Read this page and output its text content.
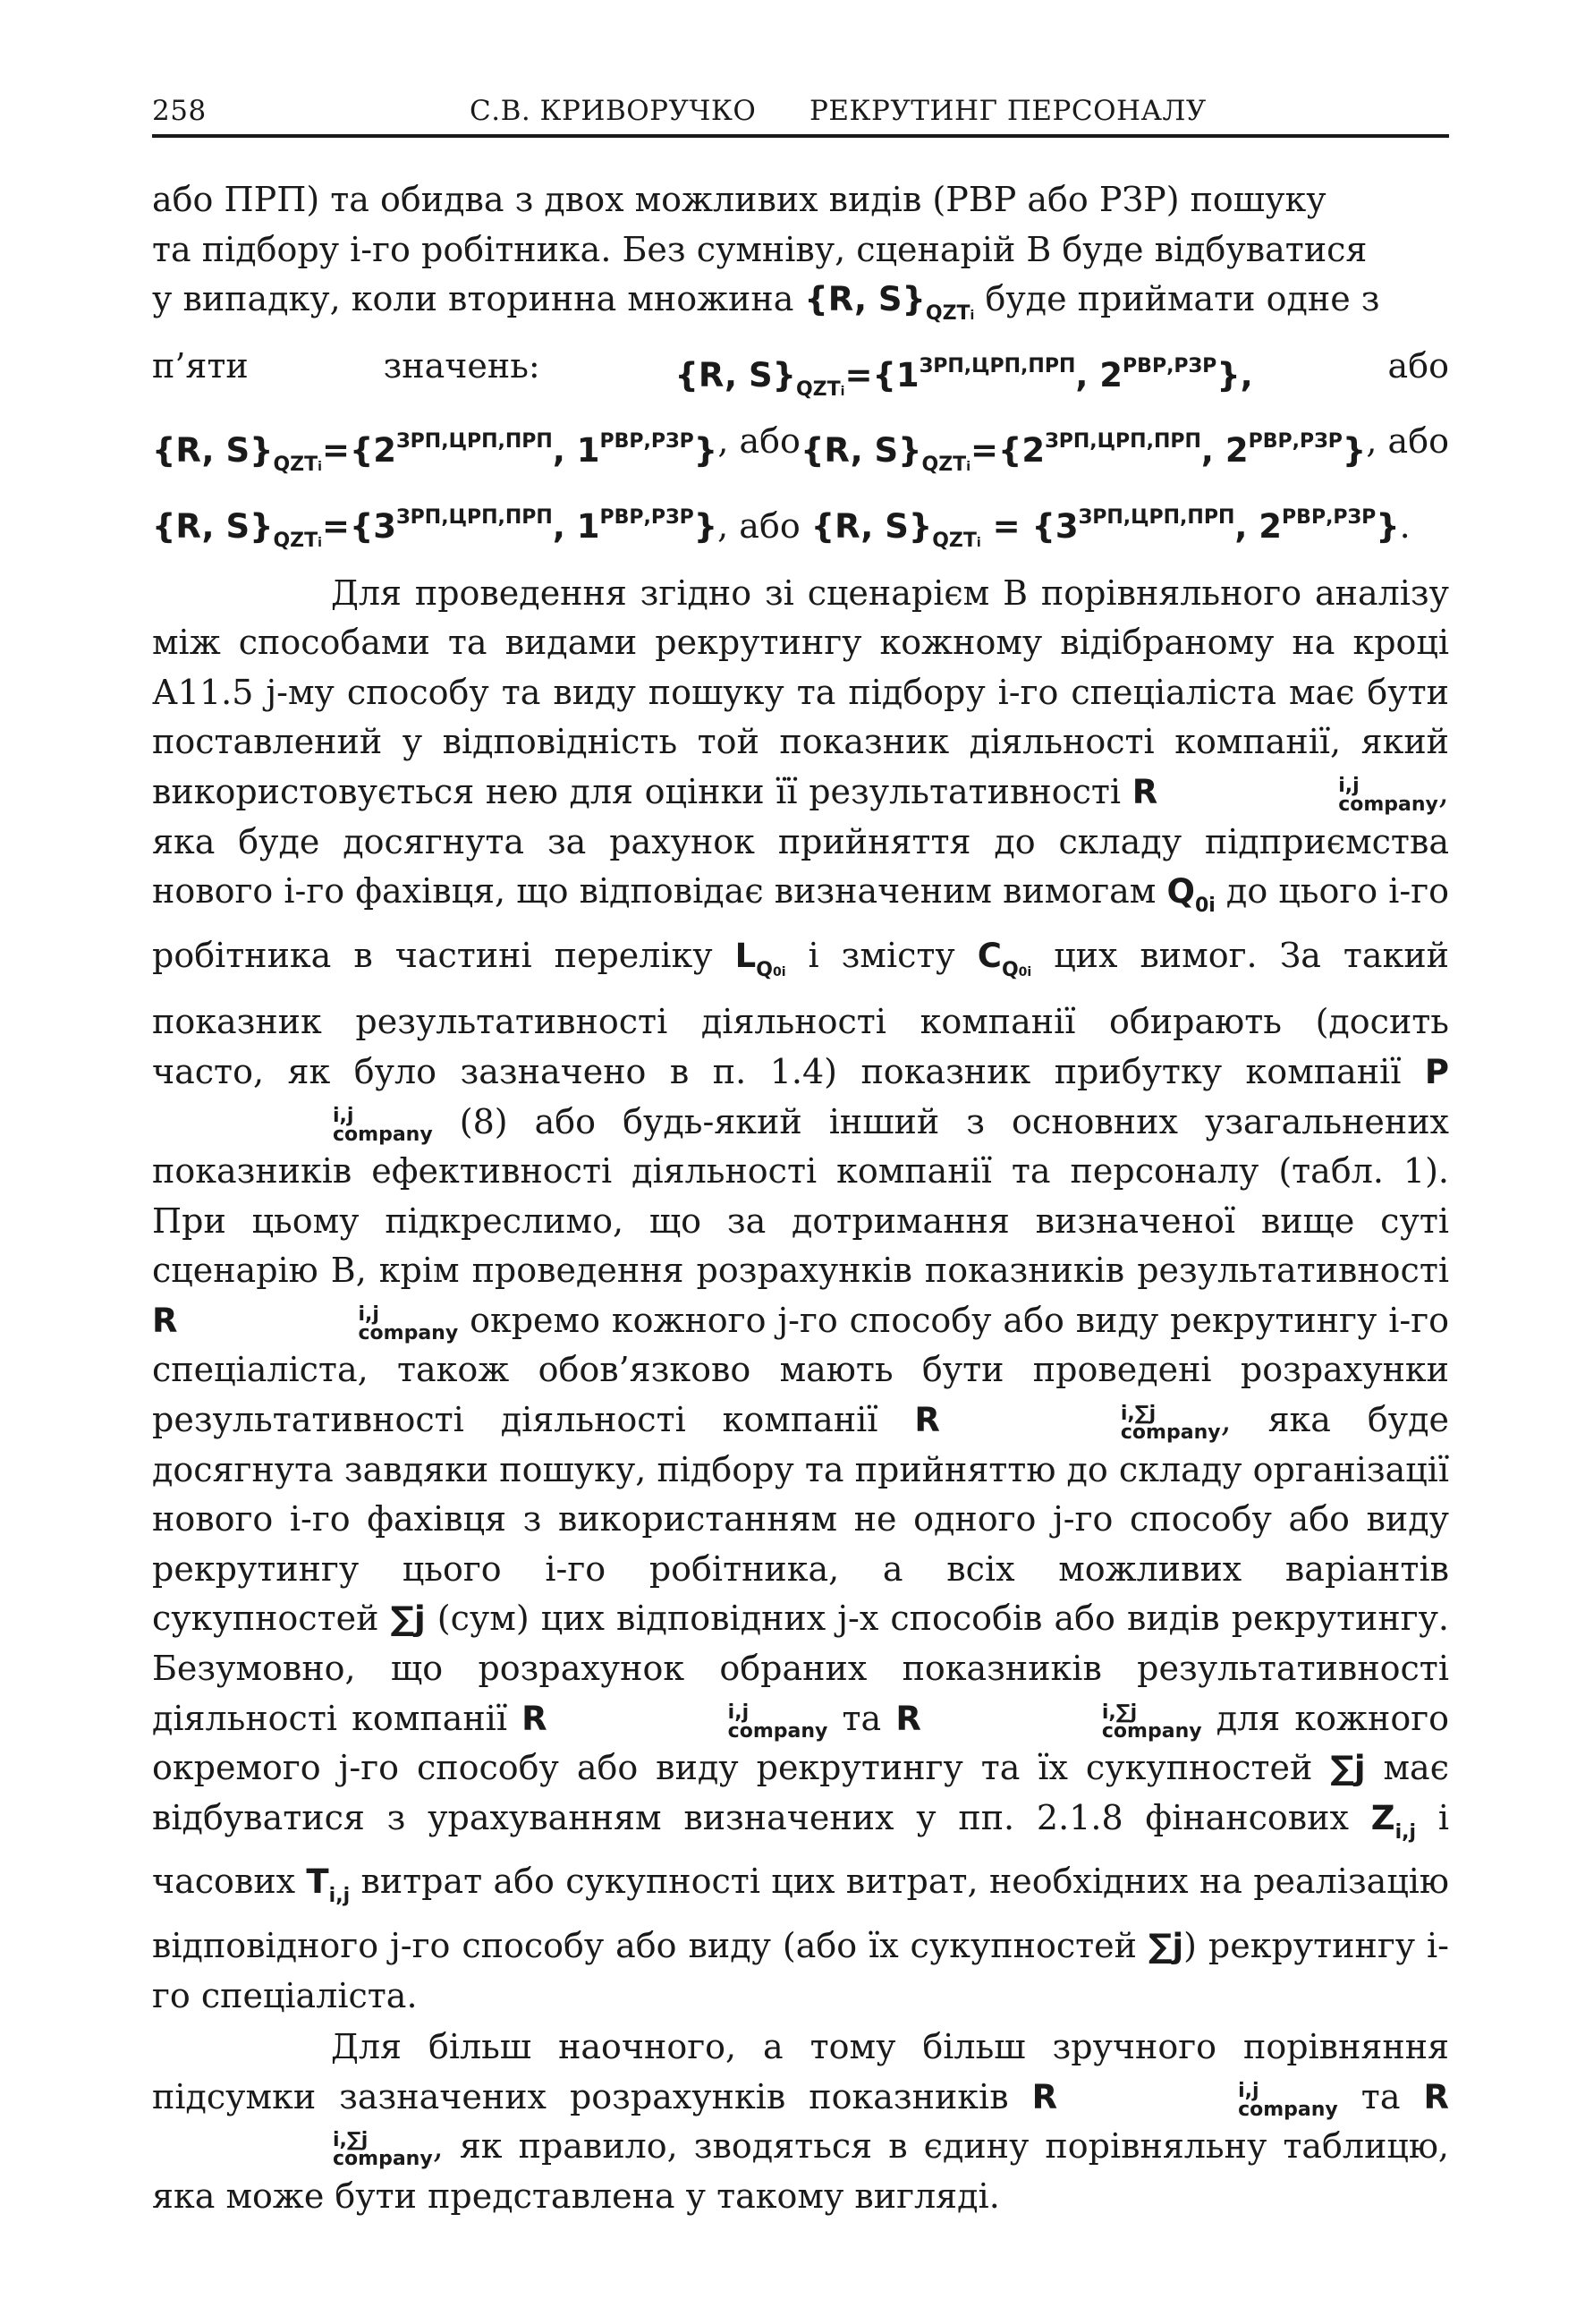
258	С.В. КРИВОРУЧКО РЕКРУТИНГ ПЕРСОНАЛУ

або ПРП) та обидва з двох можливих видів (РВР або РЗР) пошуку

та підбору і-го робітника. Без сумніву, сценарій В буде відбуватися
у випадку, коли вторинна множина {R, $S\}_{QZTi}$ буде приймати одне з
п’яти	значень:	{R, $S\}_{QZTi}=\{1^{ЗРП,ЦРП,ПРП}$, $2^{РВР,РЗР}$},	або
{R, $S\}_{QZTi}=\{2^{ЗРП,ЦРП,ПРП}$, $1^{РВР,РЗР}$} , або {R, $S\}_{QZTi}=\{2^{ЗРП,ЦРП,ПРП}$, $2^{РВР,РЗР}$} , або
{R, $S\}_{QZTi}=\{3^{ЗРП,ЦРП,ПРП}$, $1^{РВР,РЗР}$}, або {R, $S\}_{QZTi} = \{3^{ЗРП,ЦРП,ПРП}$, $2^{РВР,РЗР}$}.

Для проведення згідно зі сценарієм В порівняльного аналізу між способами та видами рекрутингу кожному відібраному на кроці А11.5 j-му способу та виду пошуку та підбору і-го спеціаліста має бути поставлений у відповідність той показник діяльності компанії, який використовується нею для оцінки її результативності R	i,j
company , яка буде досягнута за рахунок прийняття до складу підприємства нового і-го фахівця, що відповідає визначеним вимогам $Q_{0i}$ до цього і-го робітника в частині переліку $L_{Q0i}$ і змісту $C_{Q0i}$ цих вимог. За такий показник результативності діяльності компанії обирають (досить часто, як було зазначено в п. 1.4) показник прибутку компанії P
i,j
company (8) або будь-який інший з основних узагальнених показників ефективності діяльності компанії та персоналу (табл. 1). При цьому підкреслимо, що за дотримання визначеної вище суті сценарію В, крім проведення розрахунків показників результативності R	i,j
company окремо кожного j-го способу або виду рекрутингу і-го спеціаліста, також обов’язково мають бути проведені розрахунки результативності діяльності компанії R	i,∑j
company , яка буде досягнута завдяки пошуку, підбору та прийняттю до складу організації нового і-го фахівця з використанням не одного j-го способу або виду рекрутингу цього і-го робітника, а всіх можливих варіантів сукупностей ∑j (сум) цих відповідних j-х способів або видів рекрутингу. Безумовно, що розрахунок обраних показників результативності діяльності компанії R	i,j
company та R	i,∑j
company для кожного окремого j-го способу або виду рекрутингу та їх сукупностей ∑j має відбуватися з урахуванням визначених у пп. 2.1.8 фінансових $Z_{i,j}$ і часових $T_{i,j}$ витрат або сукупності цих витрат, необхідних на реалізацію відповідного j-го способу або виду (або їх сукупностей ∑j) рекрутингу і-го спеціаліста.

Для більш наочного, а тому більш зручного порівняння підсумки зазначених розрахунків показників R	i,j
company та R
i,∑j
company , як правило, зводяться в єдину порівняльну таблицю, яка може бути представлена у такому вигляді.
